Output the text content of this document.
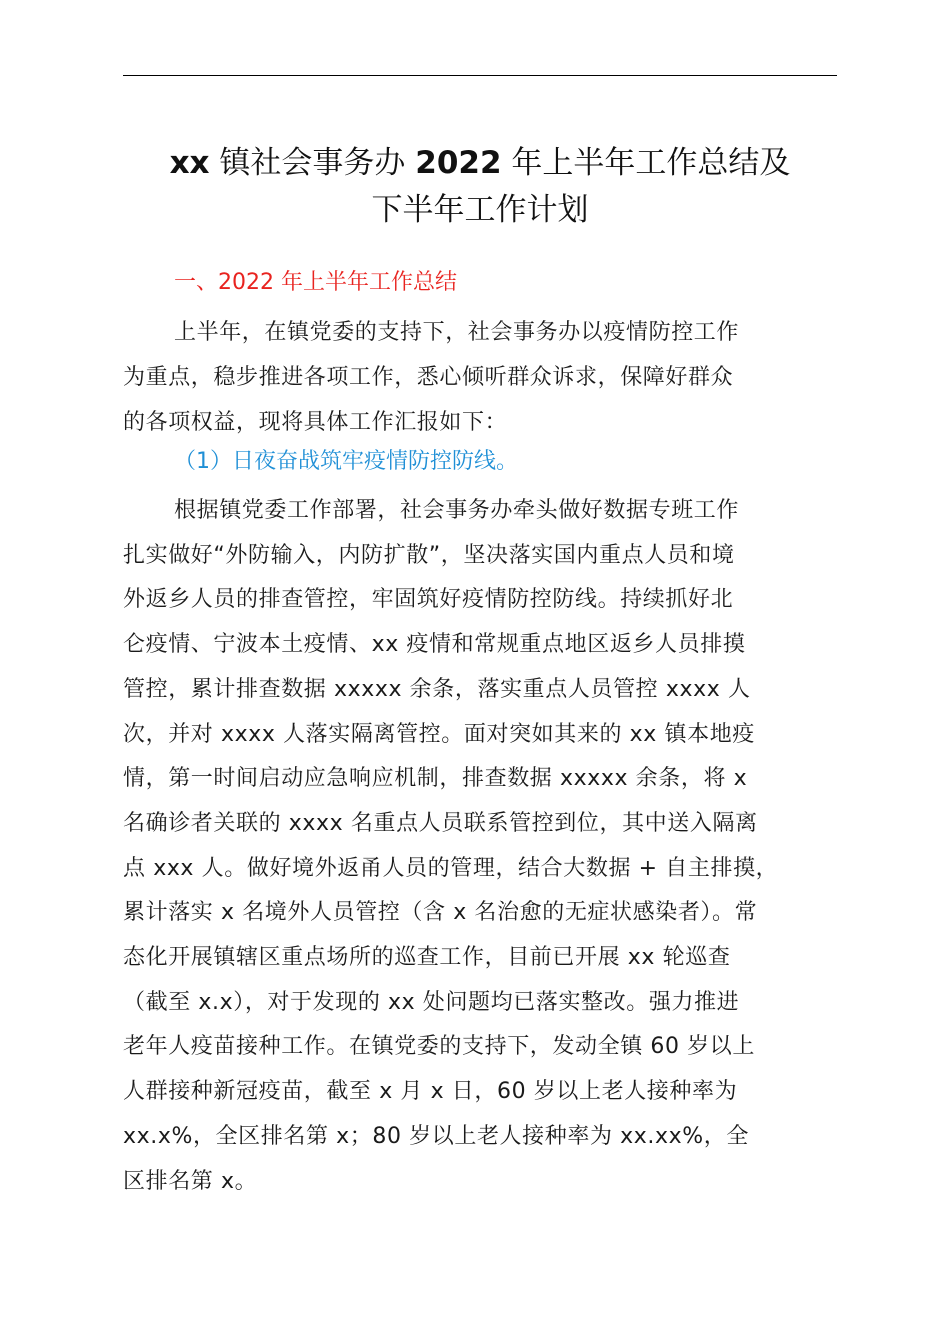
xx 镇社会事务办 2022 年上半年工作总结及
下半年工作计划
一、2022 年上半年工作总结
上半年，在镇党委的支持下，社会事务办以疫情防控工作
为重点，稳步推进各项工作，悉心倾听群众诉求，保障好群众
的各项权益，现将具体工作汇报如下：
（1）日夜奋战筑牢疫情防控防线。
根据镇党委工作部署，社会事务办牵头做好数据专班工作
扎实做好“外防输入，内防扩散”，坚决落实国内重点人员和境
外返乡人员的排查管控，牢固筑好疫情防控防线。持续抓好北
仑疫情、宁波本土疫情、xx 疫情和常规重点地区返乡人员排摸
管控，累计排查数据 xxxxx 余条，落实重点人员管控 xxxx 人
次，并对 xxxx 人落实隔离管控。面对突如其来的 xx 镇本地疫
情，第一时间启动应急响应机制，排查数据 xxxxx 余条，将 x
名确诊者关联的 xxxx 名重点人员联系管控到位，其中送入隔离
点 xxx 人。做好境外返甬人员的管理，结合大数据 + 自主排摸，
累计落实 x 名境外人员管控（含 x 名治愈的无症状感染者）。常
态化开展镇辖区重点场所的巡查工作，目前已开展 xx 轮巡查
（截至 x.x），对于发现的 xx 处问题均已落实整改。强力推进
老年人疫苗接种工作。在镇党委的支持下，发动全镇 60 岁以上
人群接种新冠疫苗，截至 x 月 x 日，60 岁以上老人接种率为
xx.x%，全区排名第 x；80 岁以上老人接种率为 xx.xx%，全
区排名第 x。
